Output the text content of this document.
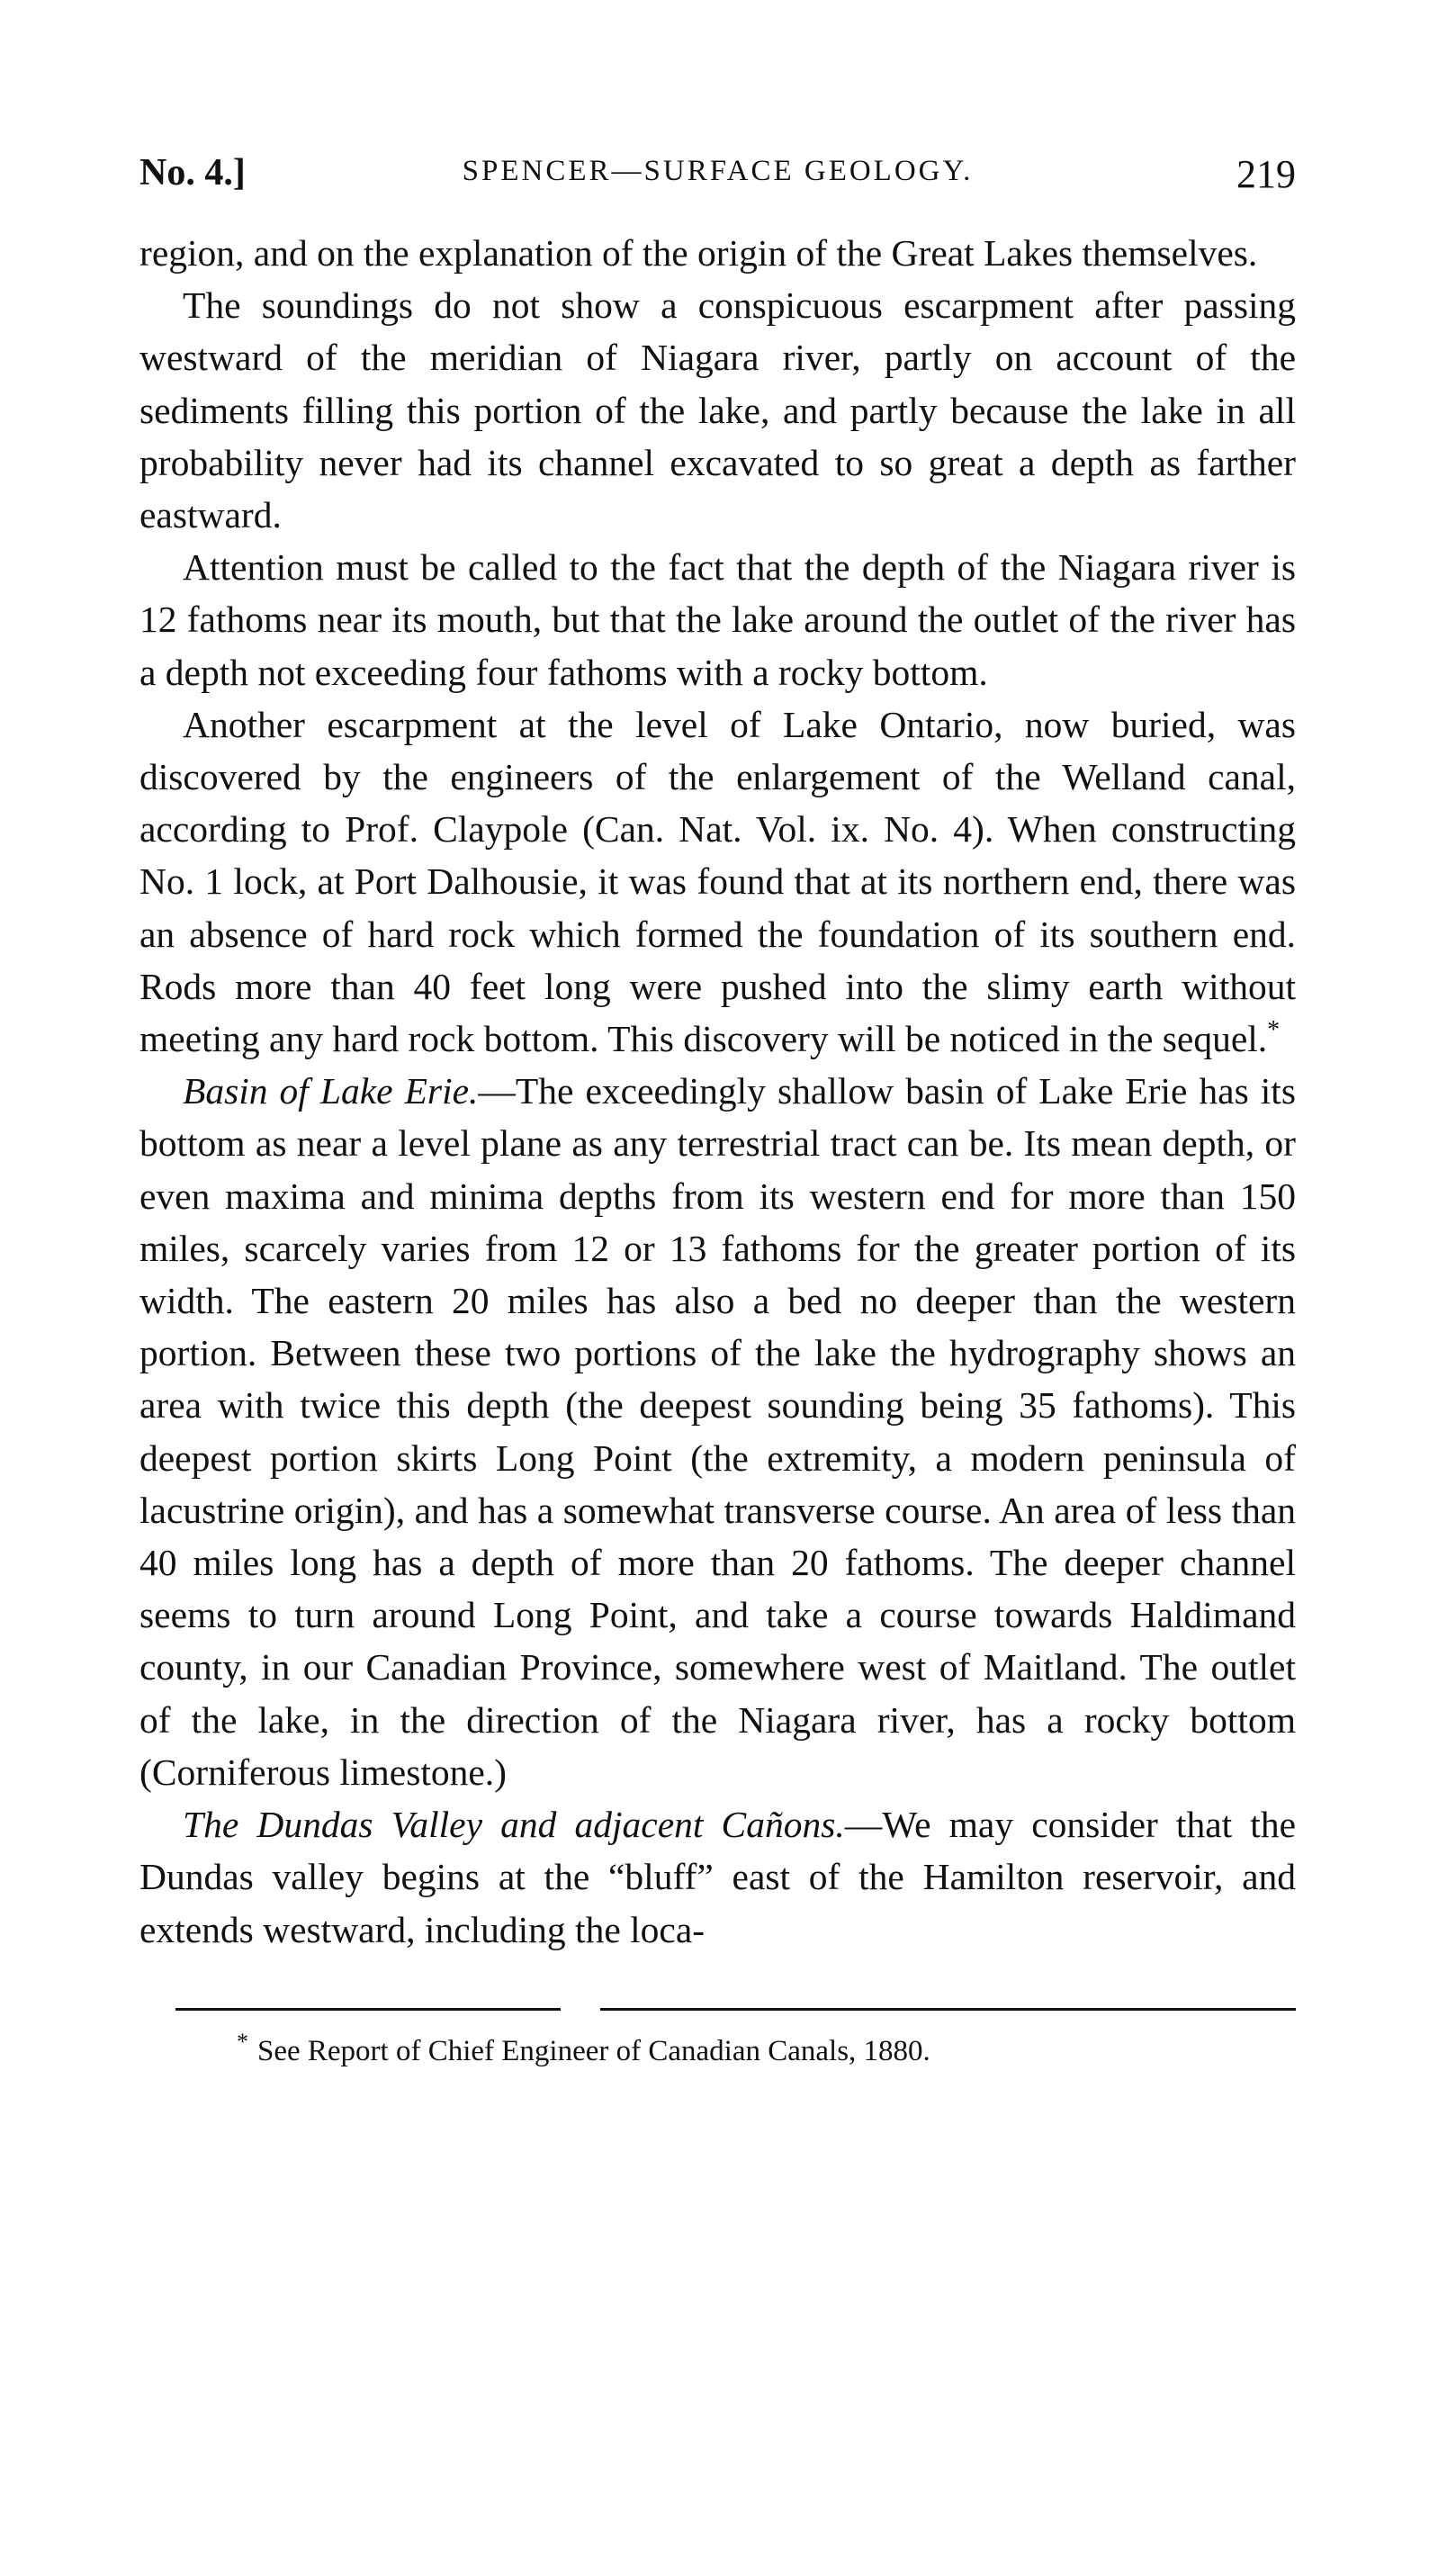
No. 4.]	SPENCER—SURFACE GEOLOGY.	219

region, and on the explanation of the origin of the Great Lakes themselves.

The soundings do not show a conspicuous escarpment after passing westward of the meridian of Niagara river, partly on account of the sediments filling this portion of the lake, and partly because the lake in all probability never had its channel excavated to so great a depth as farther eastward.

Attention must be called to the fact that the depth of the Niagara river is 12 fathoms near its mouth, but that the lake around the outlet of the river has a depth not exceeding four fathoms with a rocky bottom.

Another escarpment at the level of Lake Ontario, now buried, was discovered by the engineers of the enlargement of the Welland canal, according to Prof. Claypole (Can. Nat. Vol. ix. No. 4). When constructing No. 1 lock, at Port Dalhousie, it was found that at its northern end, there was an absence of hard rock which formed the foundation of its southern end. Rods more than 40 feet long were pushed into the slimy earth without meeting any hard rock bottom. This discovery will be noticed in the sequel.*

Basin of Lake Erie.—The exceedingly shallow basin of Lake Erie has its bottom as near a level plane as any terrestrial tract can be. Its mean depth, or even maxima and minima depths from its western end for more than 150 miles, scarcely varies from 12 or 13 fathoms for the greater portion of its width. The eastern 20 miles has also a bed no deeper than the western portion. Between these two portions of the lake the hydrography shows an area with twice this depth (the deepest sounding being 35 fathoms). This deepest portion skirts Long Point (the extremity, a modern peninsula of lacustrine origin), and has a somewhat transverse course. An area of less than 40 miles long has a depth of more than 20 fathoms. The deeper channel seems to turn around Long Point, and take a course towards Haldimand county, in our Canadian Province, somewhere west of Maitland. The outlet of the lake, in the direction of the Niagara river, has a rocky bottom (Corniferous limestone.)

The Dundas Valley and adjacent Cañons.—We may consider that the Dundas valley begins at the “bluff” east of the Hamilton reservoir, and extends westward, including the loca-

* See Report of Chief Engineer of Canadian Canals, 1880.
